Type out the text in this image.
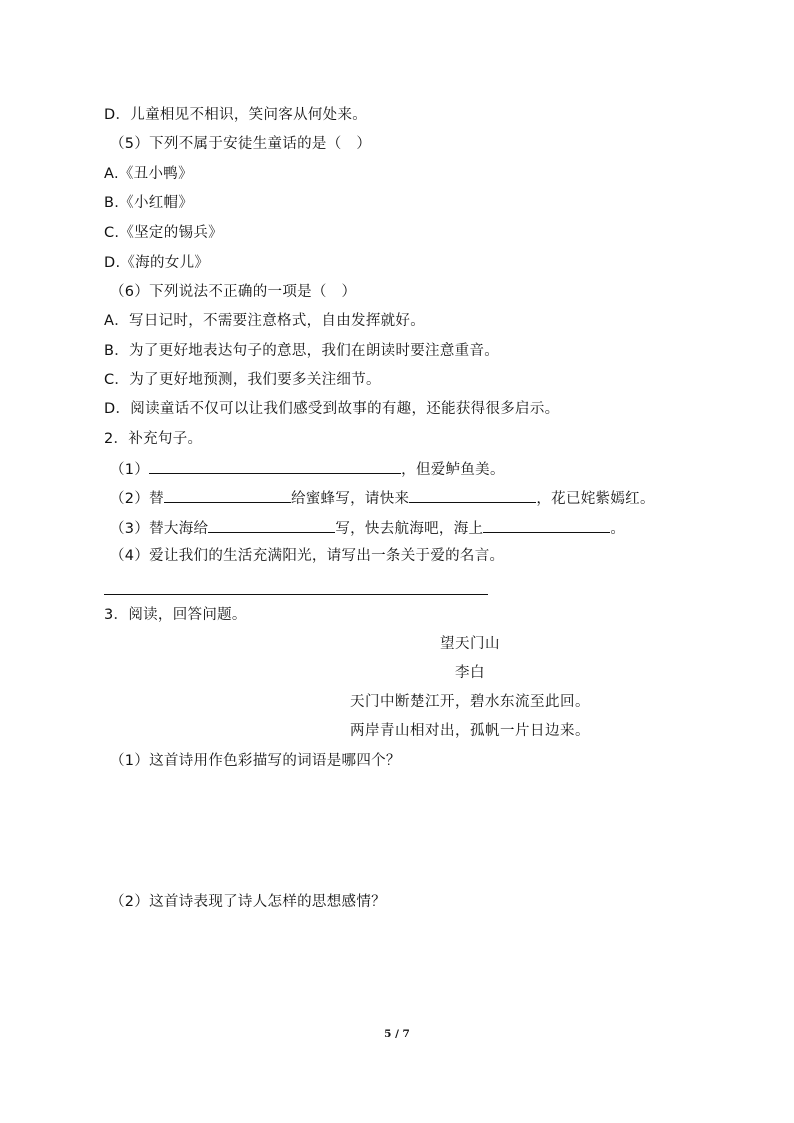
D．儿童相见不相识，笑问客从何处来。
（5）下列不属于安徒生童话的是（　）
A.《丑小鸭》
B.《小红帽》
C.《坚定的锡兵》
D.《海的女儿》
（6）下列说法不正确的一项是（　）
A．写日记时，不需要注意格式，自由发挥就好。
B．为了更好地表达句子的意思，我们在朗读时要注意重音。
C．为了更好地预测，我们要多关注细节。
D．阅读童话不仅可以让我们感受到故事的有趣，还能获得很多启示。
2．补充句子。
（1）	，但爱鲈鱼美。
（2）替	给蜜蜂写，请快来	，花已姹紫嫣红。
（3）替大海给	写，快去航海吧，海上	。
（4）爱让我们的生活充满阳光，请写出一条关于爱的名言。
3．阅读，回答问题。
望天门山
李白
天门中断楚江开，碧水东流至此回。
两岸青山相对出，孤帆一片日边来。
（1）这首诗用作色彩描写的词语是哪四个？
（2）这首诗表现了诗人怎样的思想感情？
5 / 7
